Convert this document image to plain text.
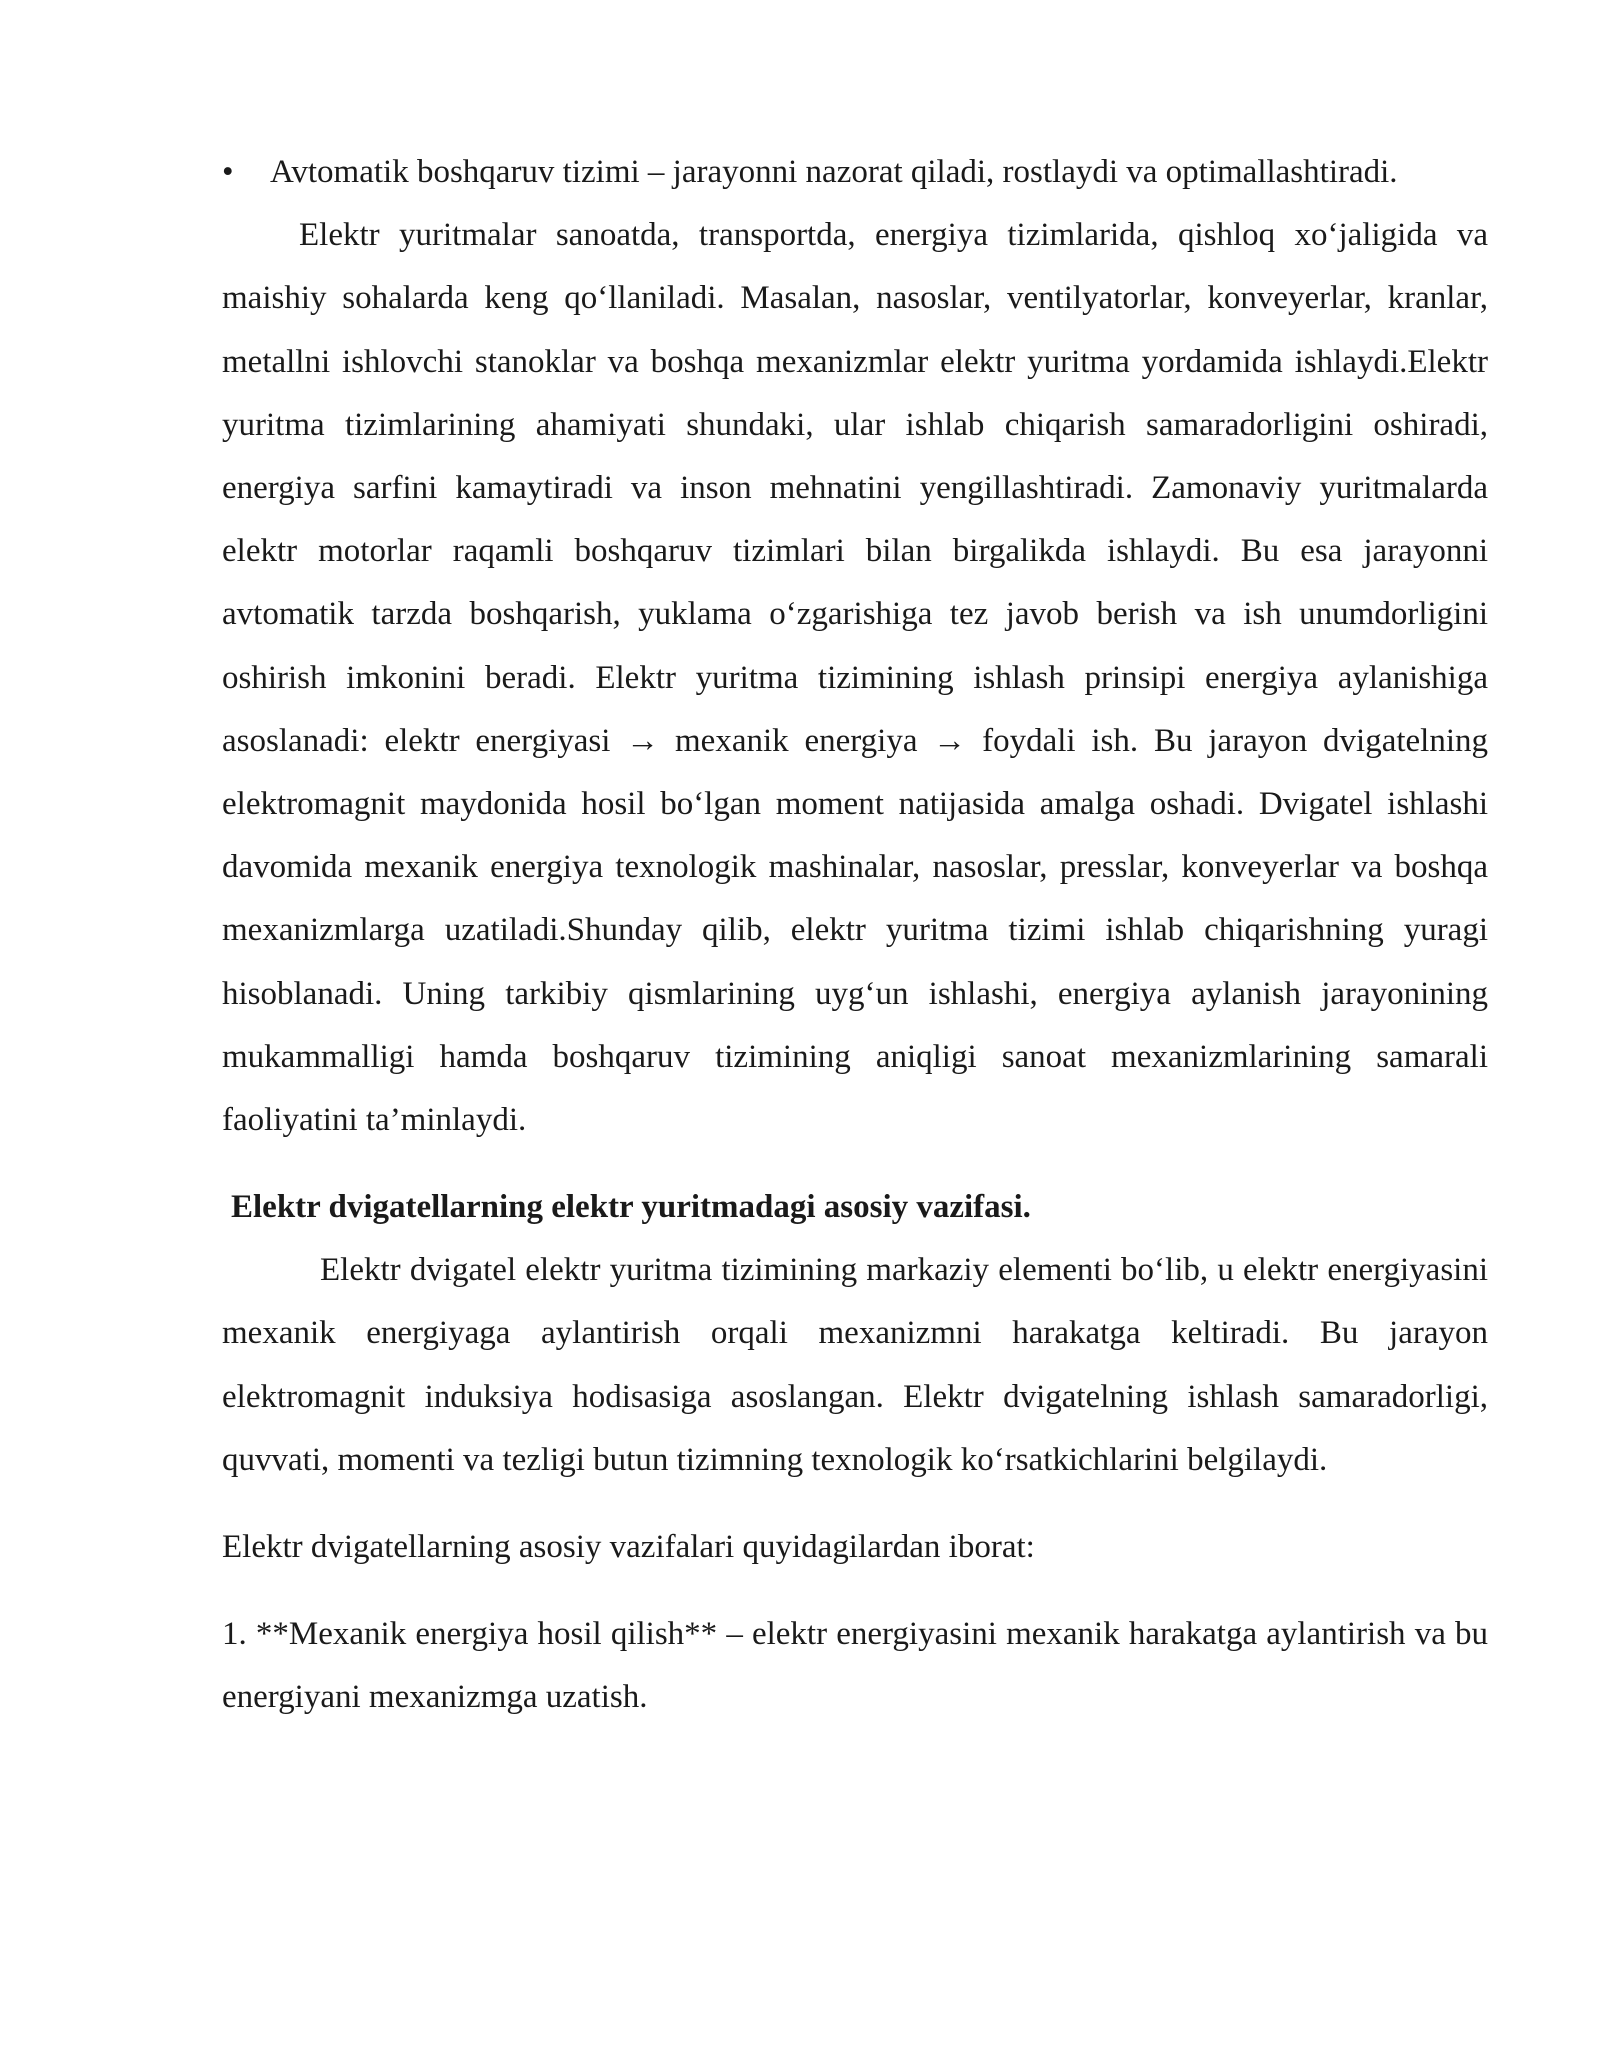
• Avtomatik boshqaruv tizimi – jarayonni nazorat qiladi, rostlaydi va optimallashtiradi.

Elektr yuritmalar sanoatda, transportda, energiya tizimlarida, qishloq xo‘jaligida va maishiy sohalarda keng qo‘llaniladi. Masalan, nasoslar, ventilyatorlar, konveyerlar, kranlar, metallni ishlovchi stanoklar va boshqa mexanizmlar elektr yuritma yordamida ishlaydi.Elektr yuritma tizimlarining ahamiyati shundaki, ular ishlab chiqarish samaradorligini oshiradi, energiya sarfini kamaytiradi va inson mehnatini yengillashtiradi. Zamonaviy yuritmalarda elektr motorlar raqamli boshqaruv tizimlari bilan birgalikda ishlaydi. Bu esa jarayonni avtomatik tarzda boshqarish, yuklama o‘zgarishiga tez javob berish va ish unumdorligini oshirish imkonini beradi. Elektr yuritma tizimining ishlash prinsipi energiya aylanishiga asoslanadi: elektr energiyasi → mexanik energiya → foydali ish. Bu jarayon dvigatelning elektromagnit maydonida hosil bo‘lgan moment natijasida amalga oshadi. Dvigatel ishlashi davomida mexanik energiya texnologik mashinalar, nasoslar, presslar, konveyerlar va boshqa mexanizmlarga uzatiladi.Shunday qilib, elektr yuritma tizimi ishlab chiqarishning yuragi hisoblanadi. Uning tarkibiy qismlarining uyg‘un ishlashi, energiya aylanish jarayonining mukammalligi hamda boshqaruv tizimining aniqligi sanoat mexanizmlarining samarali faoliyatini ta’minlaydi.

Elektr dvigatellarning elektr yuritmadagi asosiy vazifasi.

Elektr dvigatel elektr yuritma tizimining markaziy elementi bo‘lib, u elektr energiyasini mexanik energiyaga aylantirish orqali mexanizmni harakatga keltiradi. Bu jarayon elektromagnit induksiya hodisasiga asoslangan. Elektr dvigatelning ishlash samaradorligi, quvvati, momenti va tezligi butun tizimning texnologik ko‘rsatkichlarini belgilaydi.

Elektr dvigatellarning asosiy vazifalari quyidagilardan iborat:

1. **Mexanik energiya hosil qilish** – elektr energiyasini mexanik harakatga aylantirish va bu energiyani mexanizmga uzatish.
